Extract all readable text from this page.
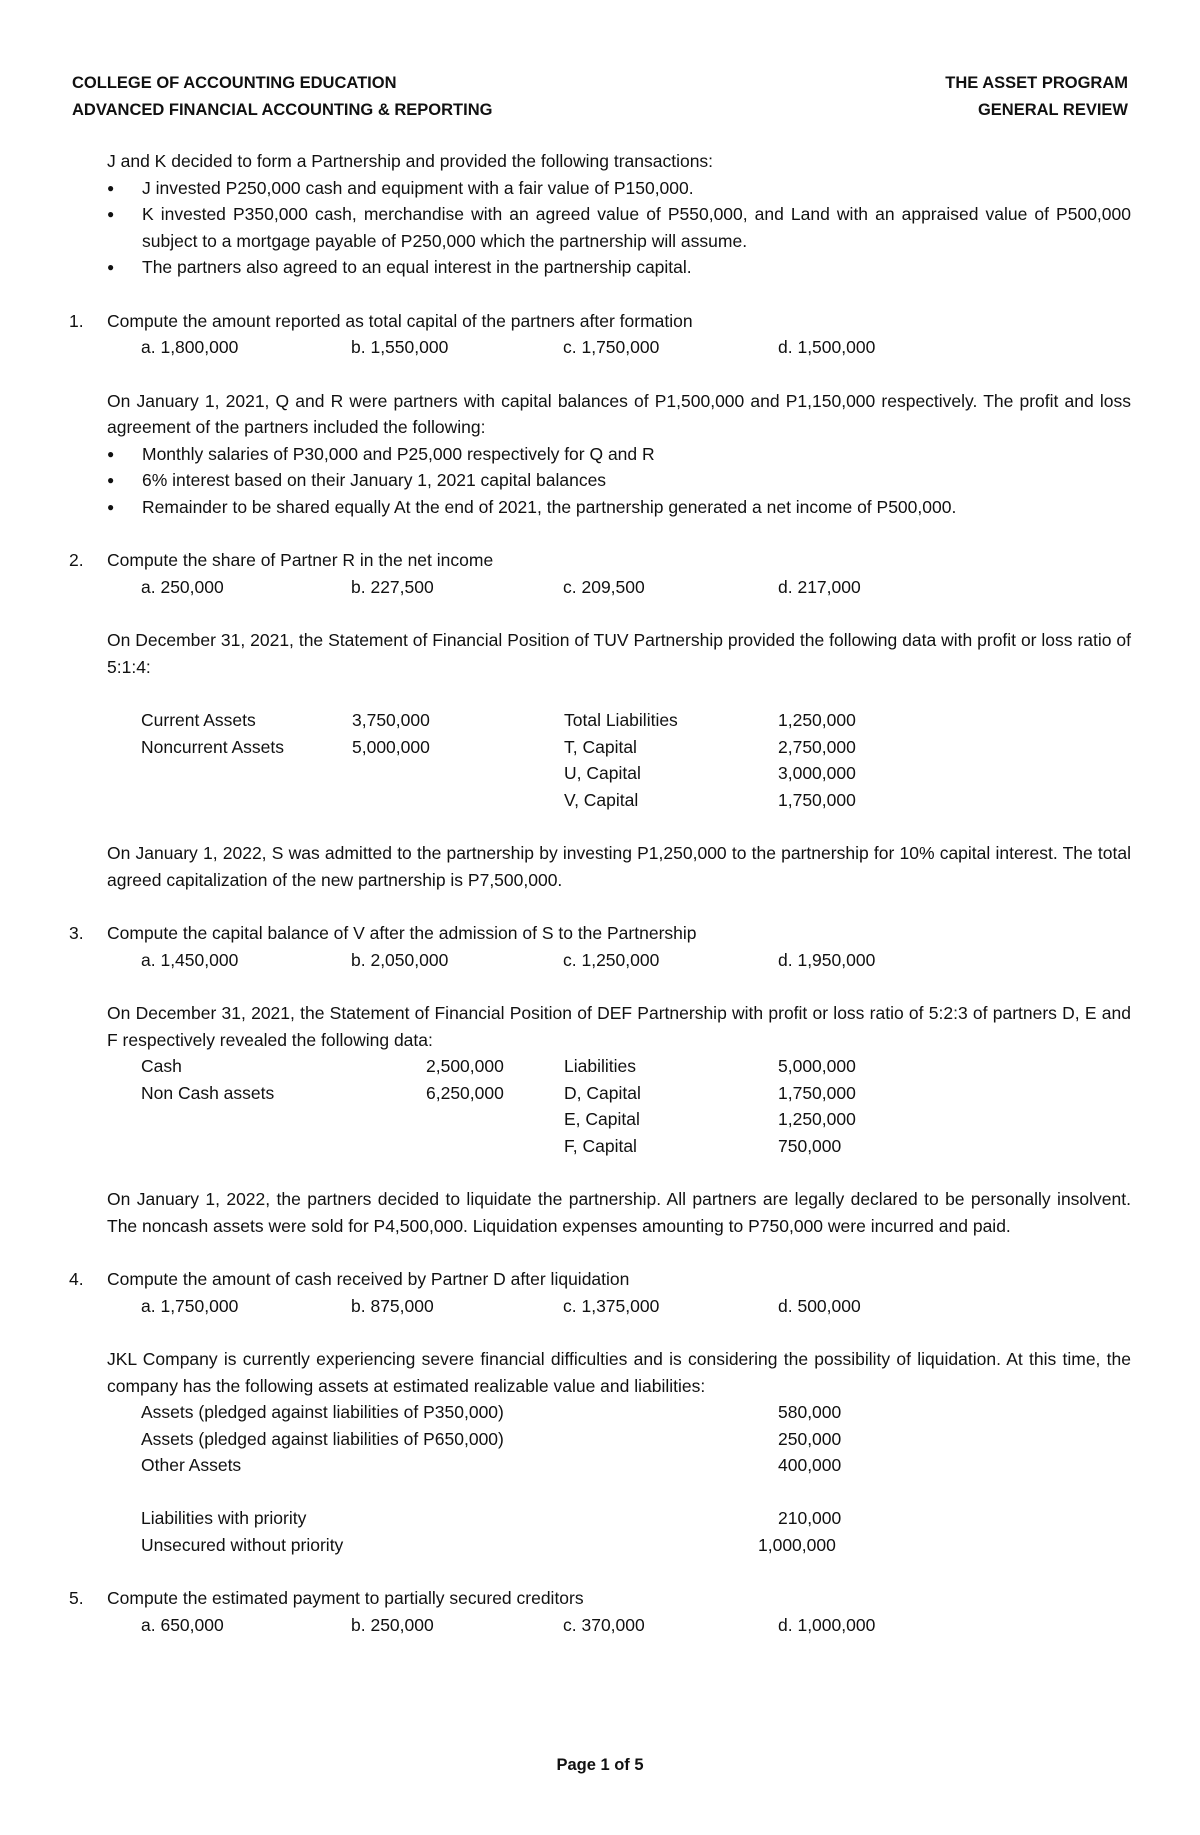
COLLEGE OF ACCOUNTING EDUCATION
ADVANCED FINANCIAL ACCOUNTING & REPORTING
THE ASSET PROGRAM
GENERAL REVIEW

J and K decided to form a Partnership and provided the following transactions:

● J invested P250,000 cash and equipment with a fair value of P150,000.
● K invested P350,000 cash, merchandise with an agreed value of P550,000, and Land with an appraised value of P500,000 subject to a mortgage payable of P250,000 which the partnership will assume.
● The partners also agreed to an equal interest in the partnership capital.
1. Compute the amount reported as total capital of the partners after formation

a. 1,800,000	b. 1,550,000	c. 1,750,000	d. 1,500,000

On January 1, 2021, Q and R were partners with capital balances of P1,500,000 and P1,150,000 respectively. The profit and loss agreement of the partners included the following:

● Monthly salaries of P30,000 and P25,000 respectively for Q and R
● 6% interest based on their January 1, 2021 capital balances
● Remainder to be shared equally At the end of 2021, the partnership generated a net income of P500,000.
2. Compute the share of Partner R in the net income

a. 250,000	b. 227,500	c. 209,500	d. 217,000

On December 31, 2021, the Statement of Financial Position of TUV Partnership provided the following data with profit or loss ratio of 5:1:4:

Current Assets	3,750,000	Total Liabilities	1,250,000
Noncurrent Assets	5,000,000	T, Capital	2,750,000
		U, Capital	3,000,000
		V, Capital	1,750,000

On January 1, 2022, S was admitted to the partnership by investing P1,250,000 to the partnership for 10% capital interest. The total agreed capitalization of the new partnership is P7,500,000.

3. Compute the capital balance of V after the admission of S to the Partnership

a. 1,450,000	b. 2,050,000	c. 1,250,000	d. 1,950,000

On December 31, 2021, the Statement of Financial Position of DEF Partnership with profit or loss ratio of 5:2:3 of partners D, E and F respectively revealed the following data:

Cash	2,500,000	Liabilities	5,000,000
Non Cash assets	6,250,000	D, Capital	1,750,000
		E, Capital	1,250,000
		F, Capital	750,000

On January 1, 2022, the partners decided to liquidate the partnership. All partners are legally declared to be personally insolvent. The noncash assets were sold for P4,500,000. Liquidation expenses amounting to P750,000 were incurred and paid.

4. Compute the amount of cash received by Partner D after liquidation

a. 1,750,000	b. 875,000	c. 1,375,000	d. 500,000

JKL Company is currently experiencing severe financial difficulties and is considering the possibility of liquidation. At this time, the company has the following assets at estimated realizable value and liabilities:

Assets (pledged against liabilities of P350,000)	580,000
Assets (pledged against liabilities of P650,000)	250,000
Other Assets	400,000

Liabilities with priority	210,000
Unsecured without priority	1,000,000
5. Compute the estimated payment to partially secured creditors

a. 650,000	b. 250,000	c. 370,000	d. 1,000,000
Page 1 of 5
